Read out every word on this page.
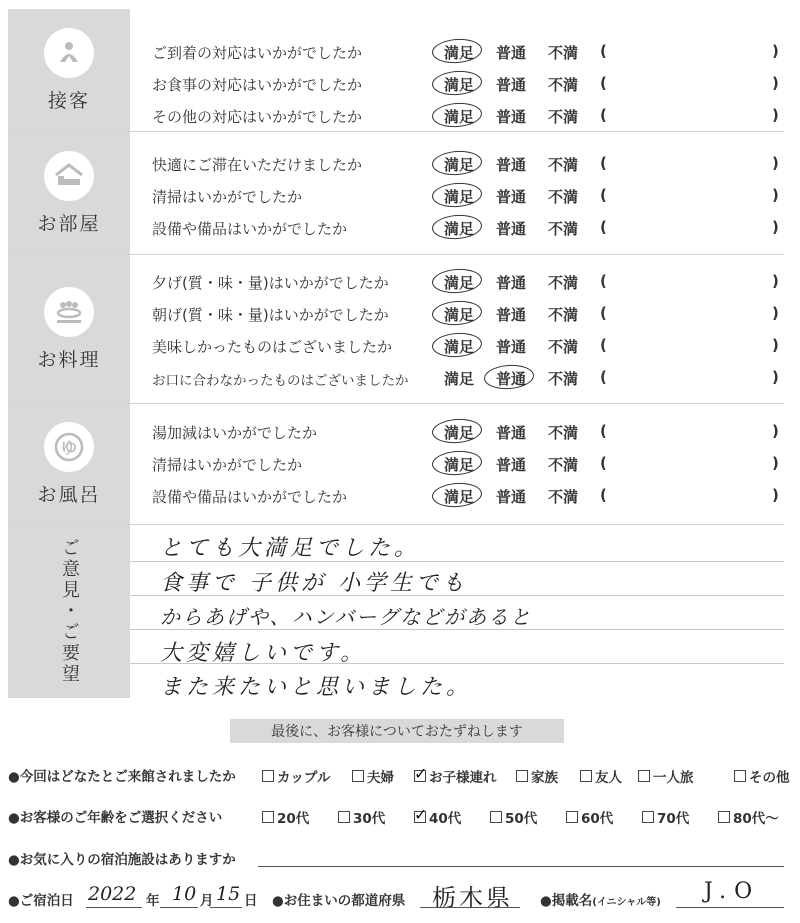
接客
ご到着の対応はいかがでしたか	満足 普通 不満 (	)
お食事の対応はいかがでしたか	満足 普通 不満 (	)
その他の対応はいかがでしたか	満足 普通 不満 (	)
お部屋
快適にご滞在いただけましたか	満足 普通 不満 (	)
清掃はいかがでしたか	満足 普通 不満 (	)
設備や備品はいかがでしたか	満足 普通 不満 (	)
お料理
夕げ(質・味・量)はいかがでしたか	満足 普通 不満 (	)
朝げ(質・味・量)はいかがでしたか	満足 普通 不満 (	)
美味しかったものはございましたか	満足 普通 不満 (	)
お口に合わなかったものはございましたか 満足 普通 不満 (	)
ゆ
お風呂
湯加減はいかがでしたか	満足 普通 不満 (	)
清掃はいかがでしたか	満足 普通 不満 (	)
設備や備品はいかがでしたか	満足 普通 不満 (	)
ご意見・ご要望	とても大満足でした。
食事で 子供が 小学生でも
からあげや、ハンバーグなどがあると
大変嬉しいです。
また来たいと思いました。
最後に、お客様についておたずねします
●今回はどなたとご来館されましたか	カップル	夫婦 ✓ お子様連れ	家族	友人 一人旅	その他
●お客様のご年齢をご選択ください	20代	30代 ✓ 40代	50代	60代	70代	80代〜
●お気に入りの宿泊施設はありますか
●ご宿泊日 2022 年 10 月 15 日 ●お住まいの都道府県 栃木県 ●掲載名(イニシャル等) J.O
